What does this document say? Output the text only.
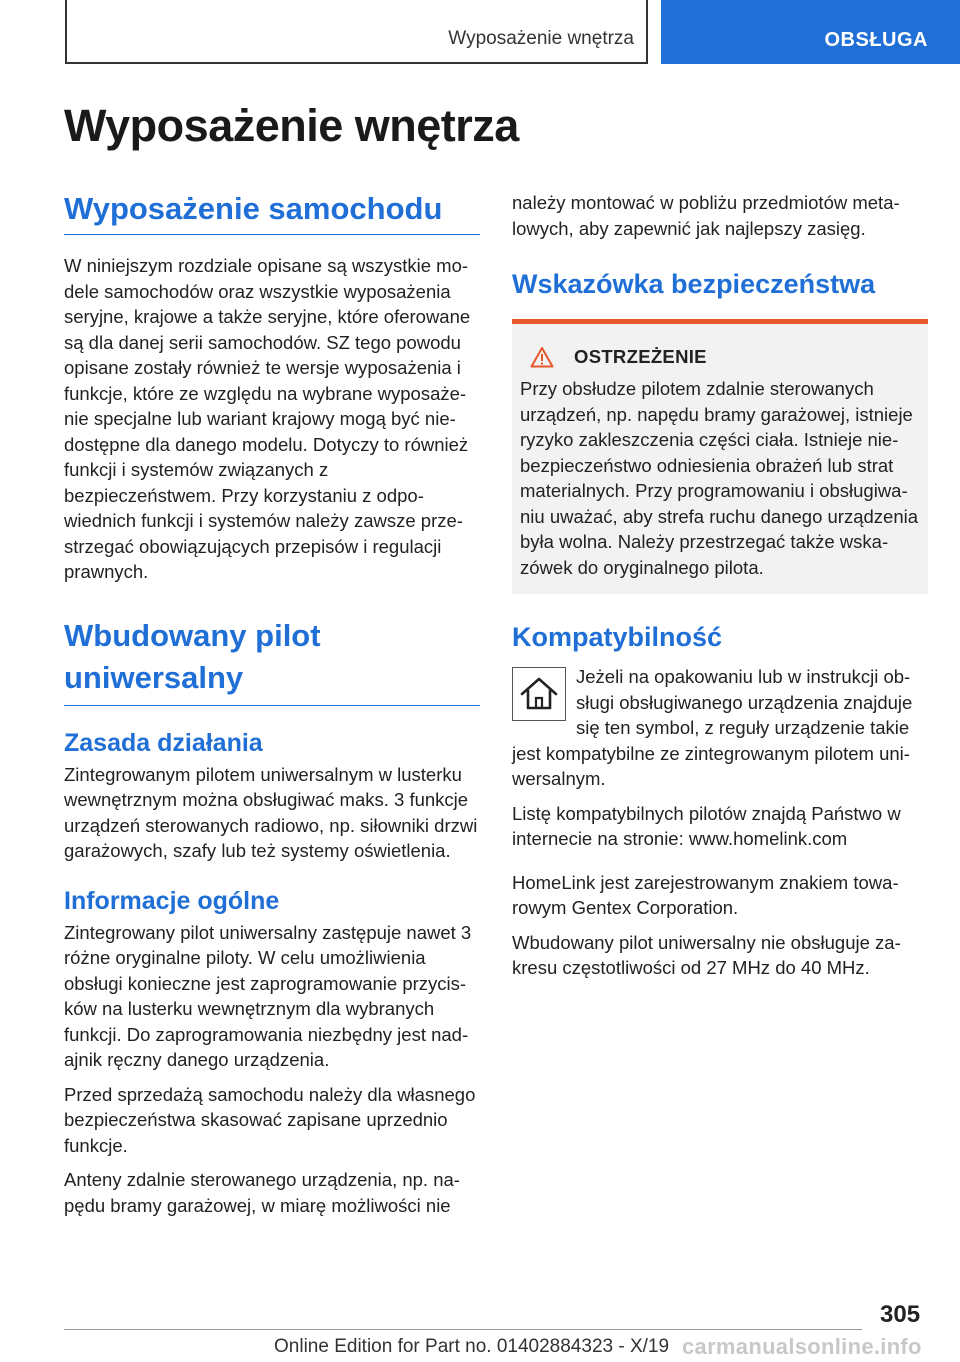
Wyposażenie wnętrza	OBSŁUGA
Wyposażenie wnętrza
Wyposażenie samochodu

W niniejszym rozdziale opisane są wszystkie modele samochodów oraz wszystkie wyposażenia seryjne, krajowe a także seryjne, które oferowane są dla danej serii samochodów. SZ tego powodu opisane zostały również te wersje wyposażenia i funkcje, które ze względu na wybrane wyposażenie specjalne lub wariant krajowy mogą być niedostępne dla danego modelu. Dotyczy to również funkcji i systemów związanych z bezpieczeństwem. Przy korzystaniu z odpowiednich funkcji i systemów należy zawsze przestrzegać obowiązujących przepisów i regulacji prawnych.

Wbudowany pilot uniwersalny
Zasada działania

Zintegrowanym pilotem uniwersalnym w lusterku wewnętrznym można obsługiwać maks. 3 funkcje urządzeń sterowanych radiowo, np. siłowniki drzwi garażowych, szafy lub też systemy oświetlenia.

Informacje ogólne

Zintegrowany pilot uniwersalny zastępuje nawet 3 różne oryginalne piloty. W celu umożliwienia obsługi konieczne jest zaprogramowanie przycisków na lusterku wewnętrznym dla wybranych funkcji. Do zaprogramowania niezbędny jest nadajnik ręczny danego urządzenia.

Przed sprzedażą samochodu należy dla własnego bezpieczeństwa skasować zapisane uprzednio funkcje.

Anteny zdalnie sterowanego urządzenia, np. napędu bramy garażowej, w miarę możliwości nie

należy montować w pobliżu przedmiotów metalowych, aby zapewnić jak najlepszy zasięg.

Wskazówka bezpieczeństwa
OSTRZEŻENIE

Przy obsłudze pilotem zdalnie sterowanych urządzeń, np. napędu bramy garażowej, istnieje ryzyko zakleszczenia części ciała. Istnieje niebezpieczeństwo odniesienia obrażeń lub strat materialnych. Przy programowaniu i obsługiwaniu uważać, aby strefa ruchu danego urządzenia była wolna. Należy przestrzegać także wskazówek do oryginalnego pilota.

Kompatybilność

Jeżeli na opakowaniu lub w instrukcji obsługi obsługiwanego urządzenia znajduje się ten symbol, z reguły urządzenie takie jest kompatybilne ze zintegrowanym pilotem uniwersalnym.

Listę kompatybilnych pilotów znajdą Państwo w internecie na stronie: www.homelink.com

HomeLink jest zarejestrowanym znakiem towarowym Gentex Corporation.

Wbudowany pilot uniwersalny nie obsługuje zakresu częstotliwości od 27 MHz do 40 MHz.

305
Online Edition for Part no. 01402884323 - X/19 carmanualsonline.info
